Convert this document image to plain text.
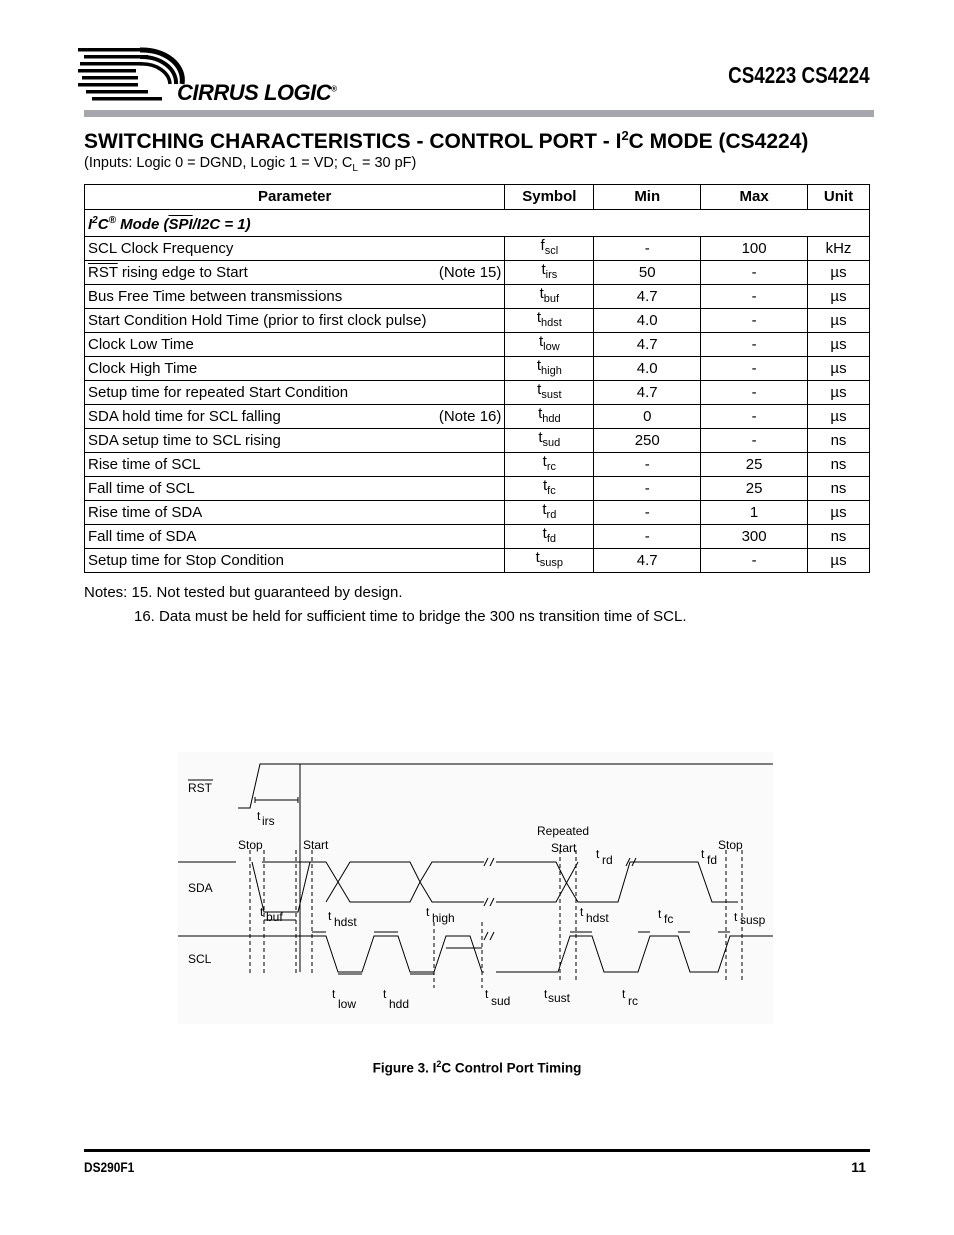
CIRRUS LOGIC®
CS4223 CS4224
SWITCHING CHARACTERISTICS - CONTROL PORT - $I^2C$ MODE (CS4224)
(Inputs: Logic 0 = DGND, Logic 1 = VD; $C_L = 30$ pF)
Parameter	Symbol	Min	Max	Unit
$I^2C®$ Mode $(\overline{SPI}/I2C = 1)$				
SCL Clock Frequency	$f_{scl}$	-	100	kHz
$\overline{RST}$ rising edge to Start (Note 15)	$t_{irs}$	50	-	µs
Bus Free Time between transmissions	$t_{buf}$	4.7	-	µs
Start Condition Hold Time (prior to first clock pulse)	$t_{hdst}$	4.0	-	µs
Clock Low Time	$t_{low}$	4.7	-	µs
Clock High Time	$t_{high}$	4.0	-	µs
Setup time for repeated Start Condition	$t_{sust}$	4.7	-	µs
SDA hold time for SCL falling (Note 16)	$t_{hdd}$	0	-	µs
SDA setup time to SCL rising	$t_{sud}$	250	-	ns
Rise time of SCL	$t_{rc}$	-	25	ns
Fall time of SCL	$t_{fc}$	-	25	ns
Rise time of SDA	$t_{rd}$	-	1	µs
Fall time of SDA	$t_{fd}$	-	300	ns
Setup time for Stop Condition	$t_{susp}$	4.7	-	µs
Notes: 15. Not tested but guaranteed by design.
16. Data must be held for sufficient time to bridge the 300 ns transition time of SCL.
RST
SDA
SCL
Stop	Start
Repeated
Start	Stop
t irs
t buf	t hdst
t high	t hdst	t fc	t susp
t rd	t fd
t
low
t
hdd
t sud	t sust	t rc
Figure 3. $I^2C$ Control Port Timing
DS290F1	11
